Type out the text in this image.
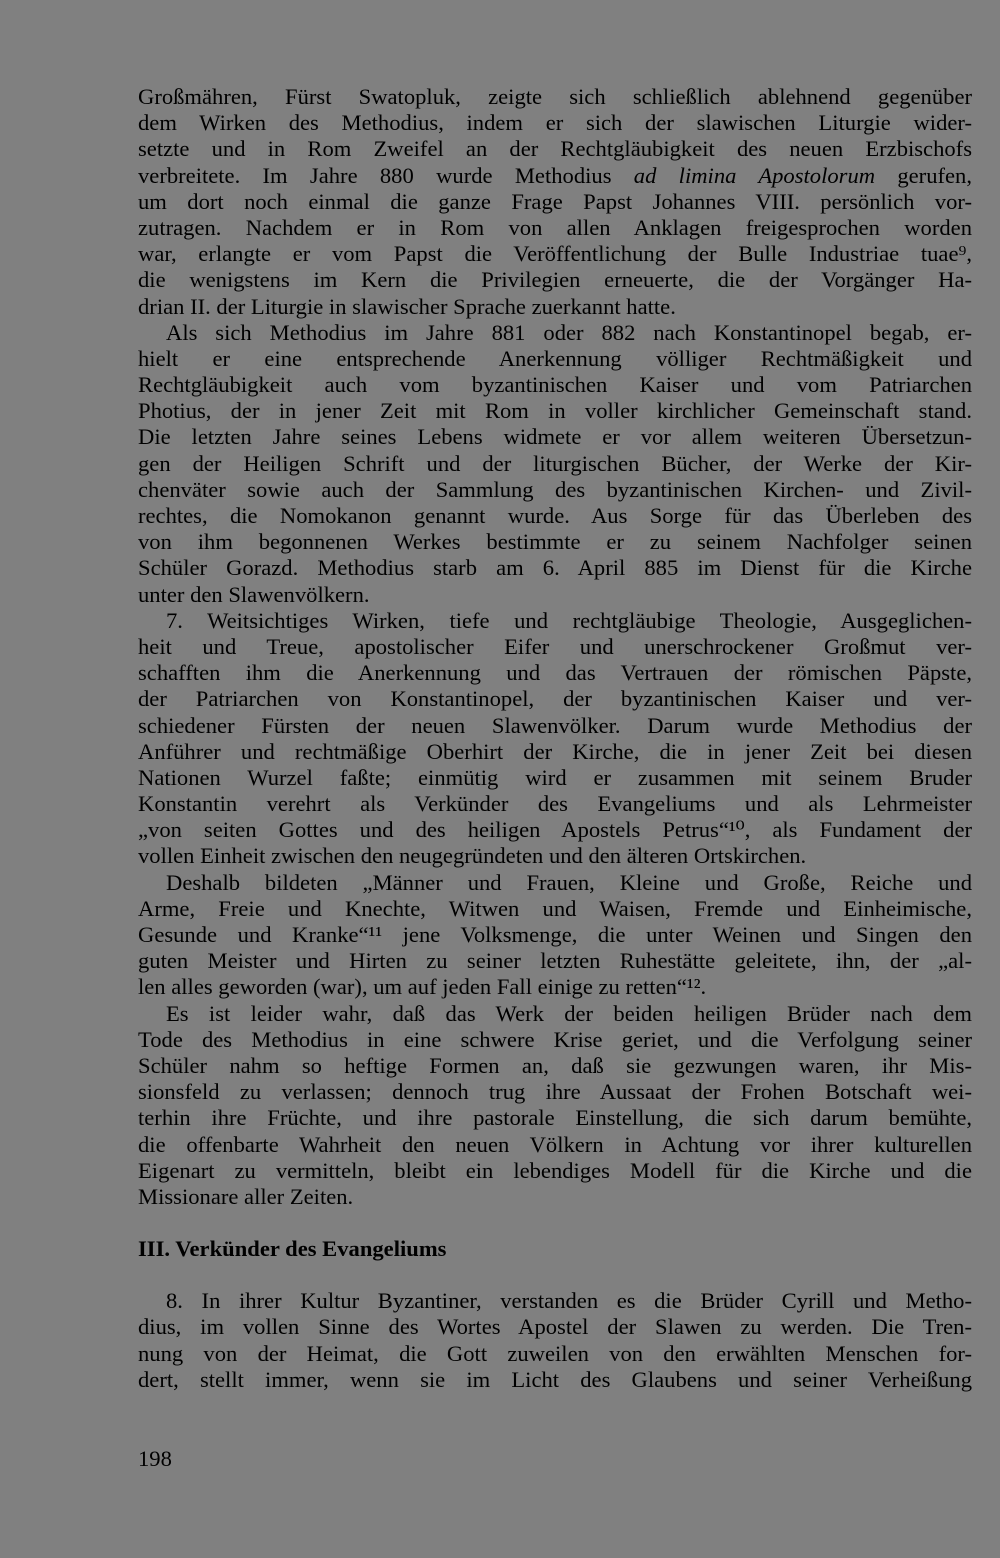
Großmähren, Fürst Swatopluk, zeigte sich schließlich ablehnend gegenüber
dem Wirken des Methodius, indem er sich der slawischen Liturgie wider-
setzte und in Rom Zweifel an der Rechtgläubigkeit des neuen Erzbischofs
verbreitete. Im Jahre 880 wurde Methodius ad limina Apostolorum gerufen,
um dort noch einmal die ganze Frage Papst Johannes VIII. persönlich vor-
zutragen. Nachdem er in Rom von allen Anklagen freigesprochen worden
war, erlangte er vom Papst die Veröffentlichung der Bulle Industriae tuae⁹,
die wenigstens im Kern die Privilegien erneuerte, die der Vorgänger Ha-
drian II. der Liturgie in slawischer Sprache zuerkannt hatte.
Als sich Methodius im Jahre 881 oder 882 nach Konstantinopel begab, er-
hielt er eine entsprechende Anerkennung völliger Rechtmäßigkeit und
Rechtgläubigkeit auch vom byzantinischen Kaiser und vom Patriarchen
Photius, der in jener Zeit mit Rom in voller kirchlicher Gemeinschaft stand.
Die letzten Jahre seines Lebens widmete er vor allem weiteren Übersetzun-
gen der Heiligen Schrift und der liturgischen Bücher, der Werke der Kir-
chenväter sowie auch der Sammlung des byzantinischen Kirchen- und Zivil-
rechtes, die Nomokanon genannt wurde. Aus Sorge für das Überleben des
von ihm begonnenen Werkes bestimmte er zu seinem Nachfolger seinen
Schüler Gorazd. Methodius starb am 6. April 885 im Dienst für die Kirche
unter den Slawenvölkern.
7. Weitsichtiges Wirken, tiefe und rechtgläubige Theologie, Ausgeglichen-
heit und Treue, apostolischer Eifer und unerschrockener Großmut ver-
schafften ihm die Anerkennung und das Vertrauen der römischen Päpste,
der Patriarchen von Konstantinopel, der byzantinischen Kaiser und ver-
schiedener Fürsten der neuen Slawenvölker. Darum wurde Methodius der
Anführer und rechtmäßige Oberhirt der Kirche, die in jener Zeit bei diesen
Nationen Wurzel faßte; einmütig wird er zusammen mit seinem Bruder
Konstantin verehrt als Verkünder des Evangeliums und als Lehrmeister
„von seiten Gottes und des heiligen Apostels Petrus“¹⁰, als Fundament der
vollen Einheit zwischen den neugegründeten und den älteren Ortskirchen.
Deshalb bildeten „Männer und Frauen, Kleine und Große, Reiche und
Arme, Freie und Knechte, Witwen und Waisen, Fremde und Einheimische,
Gesunde und Kranke“¹¹ jene Volksmenge, die unter Weinen und Singen den
guten Meister und Hirten zu seiner letzten Ruhestätte geleitete, ihn, der „al-
len alles geworden (war), um auf jeden Fall einige zu retten“¹².
Es ist leider wahr, daß das Werk der beiden heiligen Brüder nach dem
Tode des Methodius in eine schwere Krise geriet, und die Verfolgung seiner
Schüler nahm so heftige Formen an, daß sie gezwungen waren, ihr Mis-
sionsfeld zu verlassen; dennoch trug ihre Aussaat der Frohen Botschaft wei-
terhin ihre Früchte, und ihre pastorale Einstellung, die sich darum bemühte,
die offenbarte Wahrheit den neuen Völkern in Achtung vor ihrer kulturellen
Eigenart zu vermitteln, bleibt ein lebendiges Modell für die Kirche und die
Missionare aller Zeiten.
III. Verkünder des Evangeliums
8. In ihrer Kultur Byzantiner, verstanden es die Brüder Cyrill und Metho-
dius, im vollen Sinne des Wortes Apostel der Slawen zu werden. Die Tren-
nung von der Heimat, die Gott zuweilen von den erwählten Menschen for-
dert, stellt immer, wenn sie im Licht des Glaubens und seiner Verheißung
198
